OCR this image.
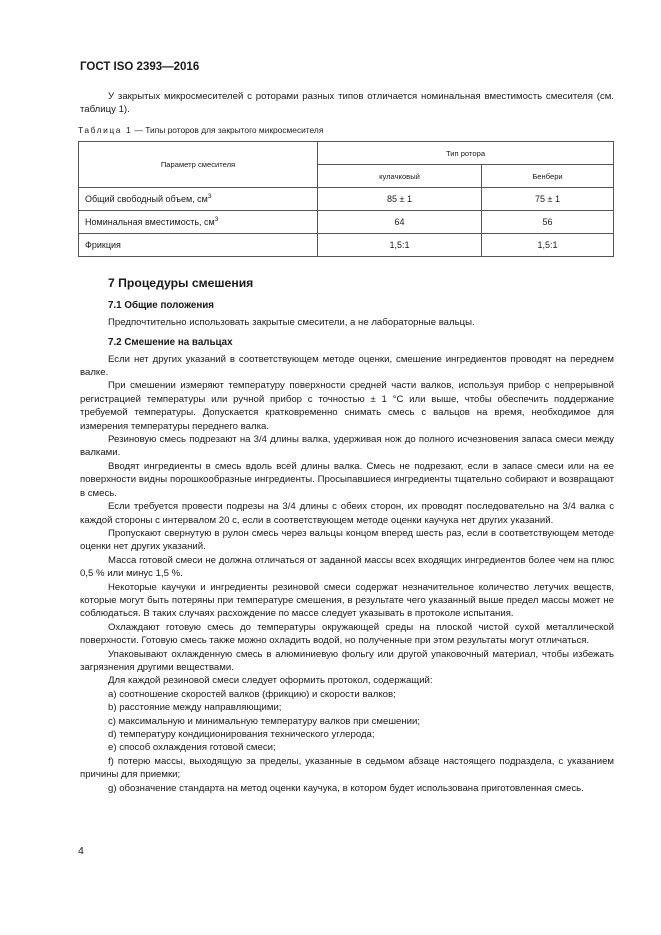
ГОСТ ISO 2393—2016

У закрытых микросмесителей с роторами разных типов отличается номинальная вместимость смесителя (см. таблицу 1).

Таблица 1 — Типы роторов для закрытого микросмесителя
Параметр смесителя	Тип ротора	
	кулачковый	Бенбери
Общий свободный объем, $см^3$	85 ± 1	75 ± 1
Номинальная вместимость, $см^3$	64	56
Фрикция	1,5:1	1,5:1
7 Процедуры смешения
7.1 Общие положения

Предпочтительно использовать закрытые смесители, а не лабораторные вальцы.

7.2 Смешение на вальцах

Если нет других указаний в соответствующем методе оценки, смешение ингредиентов проводят на переднем валке.

При смешении измеряют температуру поверхности средней части валков, используя прибор с непрерывной регистрацией температуры или ручной прибор с точностью ± 1 °С или выше, чтобы обеспечить поддержание требуемой температуры. Допускается кратковременно снимать смесь с вальцов на время, необходимое для измерения температуры переднего валка.

Резиновую смесь подрезают на 3/4 длины валка, удерживая нож до полного исчезновения запаса смеси между валками.

Вводят ингредиенты в смесь вдоль всей длины валка. Смесь не подрезают, если в запасе смеси или на ее поверхности видны порошкообразные ингредиенты. Просыпавшиеся ингредиенты тщательно собирают и возвращают в смесь.

Если требуется провести подрезы на 3/4 длины с обеих сторон, их проводят последовательно на 3/4 валка с каждой стороны с интервалом 20 с, если в соответствующем методе оценки каучука нет других указаний.

Пропускают свернутую в рулон смесь через вальцы концом вперед шесть раз, если в соответствующем методе оценки нет других указаний.

Масса готовой смеси не должна отличаться от заданной массы всех входящих ингредиентов более чем на плюс 0,5 % или минус 1,5 %.

Некоторые каучуки и ингредиенты резиновой смеси содержат незначительное количество летучих веществ, которые могут быть потеряны при температуре смешения, в результате чего указанный выше предел массы может не соблюдаться. В таких случаях расхождение по массе следует указывать в протоколе испытания.

Охлаждают готовую смесь до температуры окружающей среды на плоской чистой сухой металлической поверхности. Готовую смесь также можно охладить водой, но полученные при этом результаты могут отличаться.

Упаковывают охлажденную смесь в алюминиевую фольгу или другой упаковочный материал, чтобы избежать загрязнения другими веществами.

Для каждой резиновой смеси следует оформить протокол, содержащий:

a) соотношение скоростей валков (фрикцию) и скорости валков;

b) расстояние между направляющими;

c) максимальную и минимальную температуру валков при смешении;

d) температуру кондиционирования технического углерода;

e) способ охлаждения готовой смеси;

f) потерю массы, выходящую за пределы, указанные в седьмом абзаце настоящего подраздела, с указанием причины для приемки;

g) обозначение стандарта на метод оценки каучука, в котором будет использована приготовленная смесь.

4
